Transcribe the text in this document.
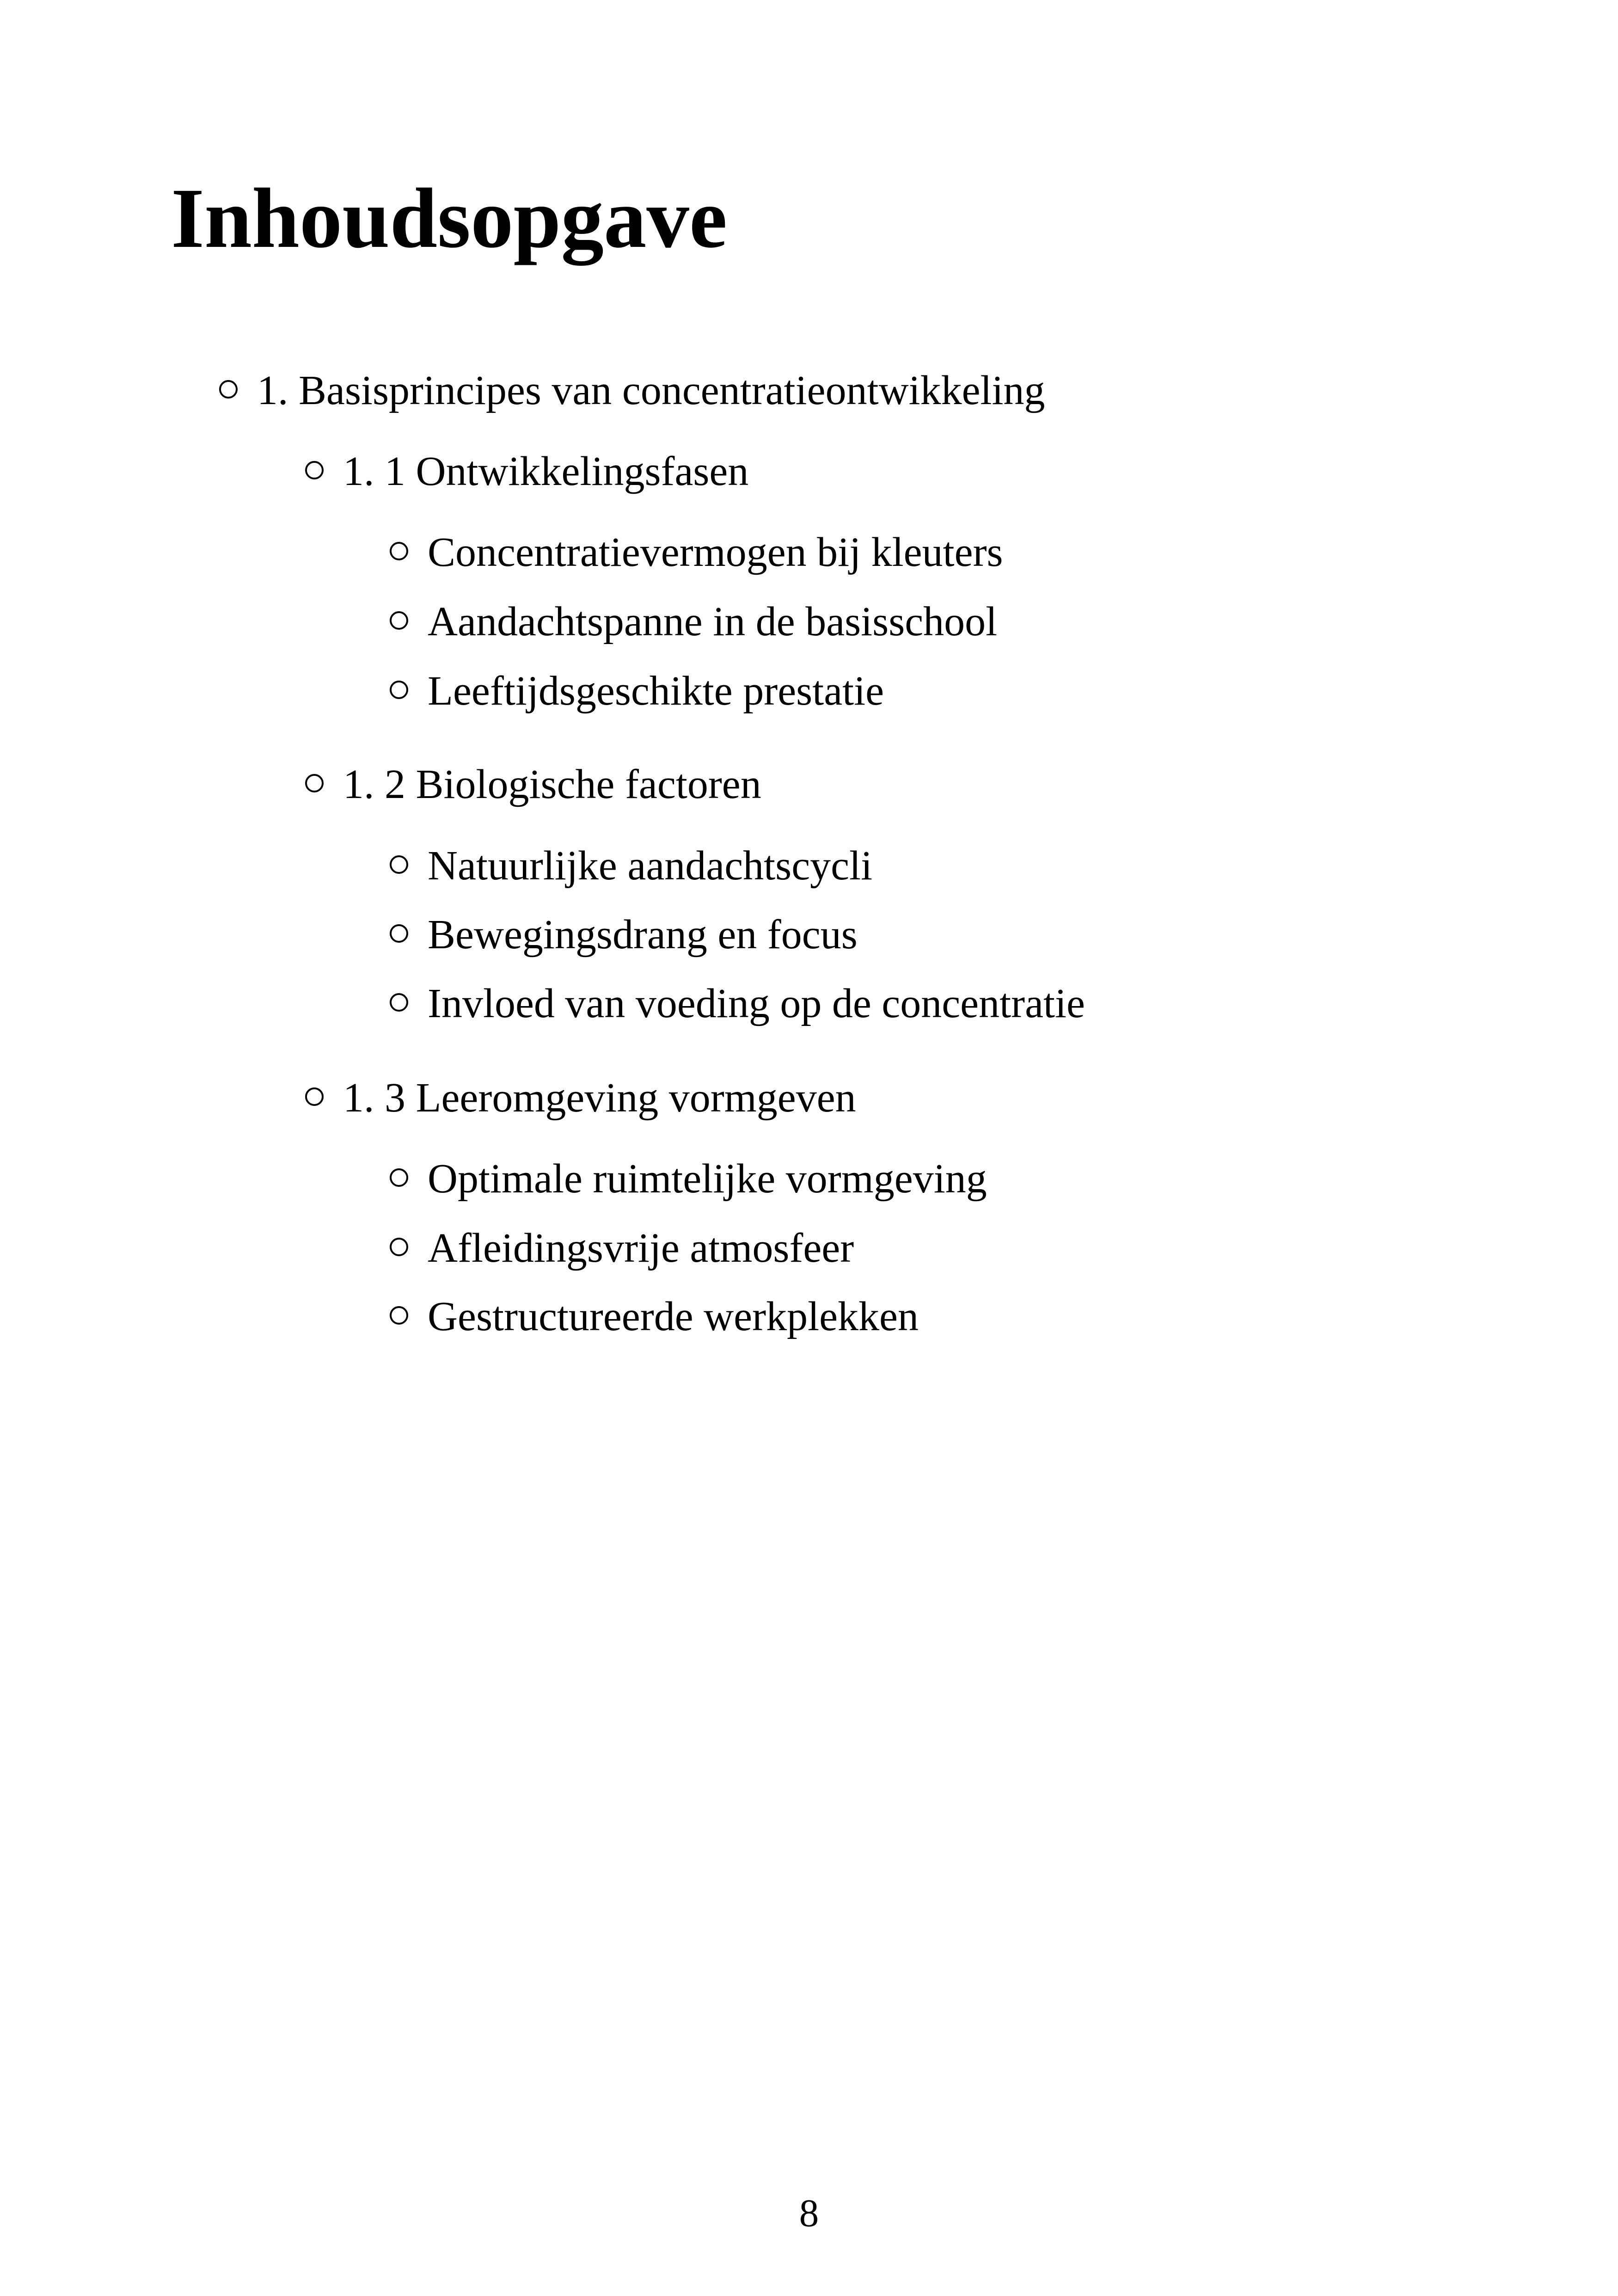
Inhoudsopgave
1. Basisprincipes van concentratieontwikkeling
1. 1 Ontwikkelingsfasen
Concentratievermogen bij kleuters
Aandachtspanne in de basisschool
Leeftijdsgeschikte prestatie
1. 2 Biologische factoren
Natuurlijke aandachtscycli
Bewegingsdrang en focus
Invloed van voeding op de concentratie
1. 3 Leeromgeving vormgeven
Optimale ruimtelijke vormgeving
Afleidingsvrije atmosfeer
Gestructureerde werkplekken
8
